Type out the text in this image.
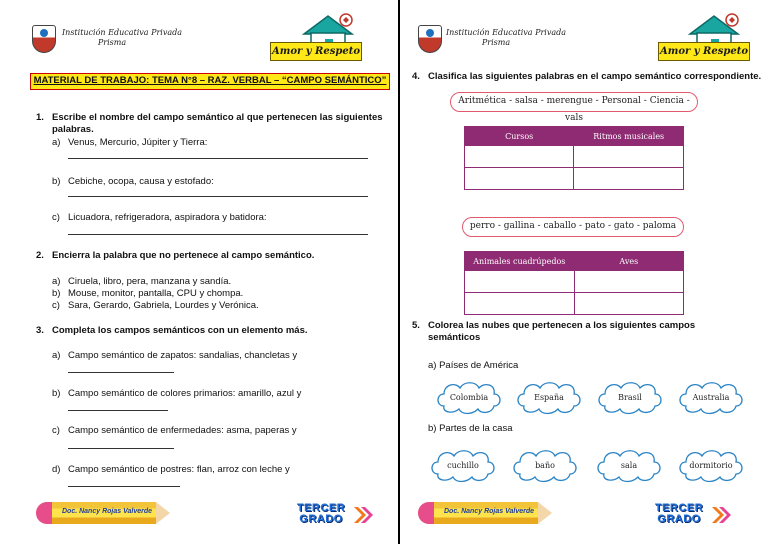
Institución Educativa Privada
Prisma
Amor y Respeto
MATERIAL DE TRABAJO: TEMA N°8 – RAZ. VERBAL – “CAMPO SEMÁNTICO”
1. Escribe el nombre del campo semántico al que pertenecen las siguientes
palabras.
a) Venus, Mercurio, Júpiter y Tierra:
b) Cebiche, ocopa, causa y estofado:
c) Licuadora, refrigeradora, aspiradora y batidora:
2. Encierra la palabra que no pertenece al campo semántico.
a) Ciruela, libro, pera, manzana y sandía.
b) Mouse, monitor, pantalla, CPU y chompa.
c) Sara, Gerardo, Gabriela, Lourdes y Verónica.
3. Completa los campos semánticos con un elemento más.
a) Campo semántico de zapatos: sandalias, chancletas y
b) Campo semántico de colores primarios: amarillo, azul y
c) Campo semántico de enfermedades: asma, paperas y
d) Campo semántico de postres: flan, arroz con leche y
Doc. Nancy Rojas Valverde	TERCER
GRADO
Institución Educativa Privada
Prisma
Amor y Respeto
4. Clasifica las siguientes palabras en el campo semántico correspondiente.
Aritmética - salsa - merengue - Personal - Ciencia - vals
Cursos	Ritmos musicales

perro - gallina - caballo - pato - gato - paloma
Animales cuadrúpedos	Aves

5. Colorea las nubes que pertenecen a los siguientes campos
semánticos
a) Países de América
Colombia	España	Brasil	Australia
b) Partes de la casa
cuchillo	baño	sala	dormitorio
Doc. Nancy Rojas Valverde	TERCER
GRADO
